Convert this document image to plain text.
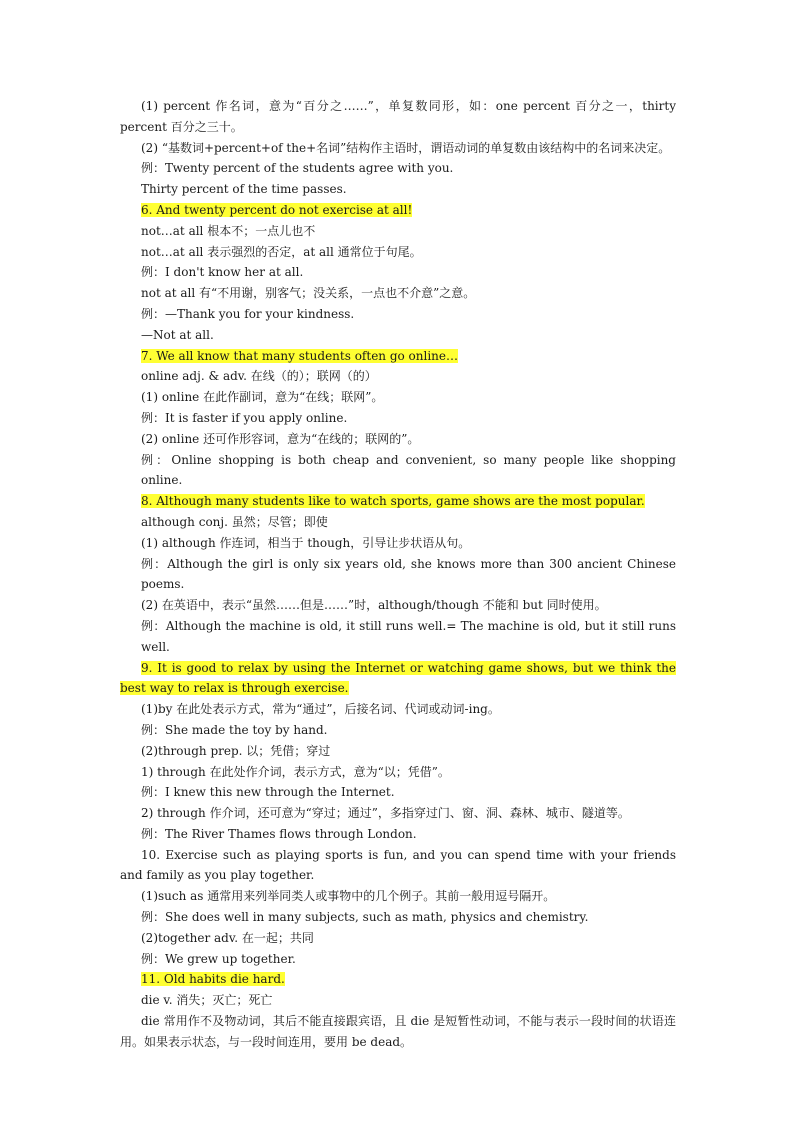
(1) percent 作名词，意为“百分之……”，单复数同形，如：one percent 百分之一，thirty percent 百分之三十。

(2) “基数词+percent+of the+名词”结构作主语时，谓语动词的单复数由该结构中的名词来决定。

例：Twenty percent of the students agree with you.

Thirty percent of the time passes.

6. And twenty percent do not exercise at all!

not…at all 根本不；一点儿也不

not…at all 表示强烈的否定，at all 通常位于句尾。

例：I don't know her at all.

not at all 有“不用谢，别客气；没关系，一点也不介意”之意。

例：—Thank you for your kindness.

—Not at all.

7. We all know that many students often go online…

online adj. & adv. 在线（的）；联网（的）

(1) online 在此作副词，意为“在线；联网”。

例：It is faster if you apply online.

(2) online 还可作形容词，意为“在线的；联网的”。

例：Online shopping is both cheap and convenient, so many people like shopping online.

8. Although many students like to watch sports, game shows are the most popular.

although conj. 虽然；尽管；即使

(1) although 作连词，相当于 though，引导让步状语从句。

例：Although the girl is only six years old, she knows more than 300 ancient Chinese poems.

(2) 在英语中，表示“虽然……但是……”时，although/though 不能和 but 同时使用。

例：Although the machine is old, it still runs well.= The machine is old, but it still runs well.

9. It is good to relax by using the Internet or watching game shows, but we think the best way to relax is through exercise.

(1)by 在此处表示方式，常为“通过”，后接名词、代词或动词-ing。

例：She made the toy by hand.

(2)through prep. 以；凭借；穿过

1) through 在此处作介词，表示方式，意为“以；凭借”。

例：I knew this new through the Internet.

2) through 作介词，还可意为“穿过；通过”，多指穿过门、窗、洞、森林、城市、隧道等。

例：The River Thames flows through London.

10. Exercise such as playing sports is fun, and you can spend time with your friends and family as you play together.

(1)such as 通常用来列举同类人或事物中的几个例子。其前一般用逗号隔开。

例：She does well in many subjects, such as math, physics and chemistry.

(2)together adv. 在一起；共同

例：We grew up together.

11. Old habits die hard.

die v. 消失；灭亡；死亡

die 常用作不及物动词，其后不能直接跟宾语，且 die 是短暂性动词，不能与表示一段时间的状语连用。如果表示状态，与一段时间连用，要用 be dead。
